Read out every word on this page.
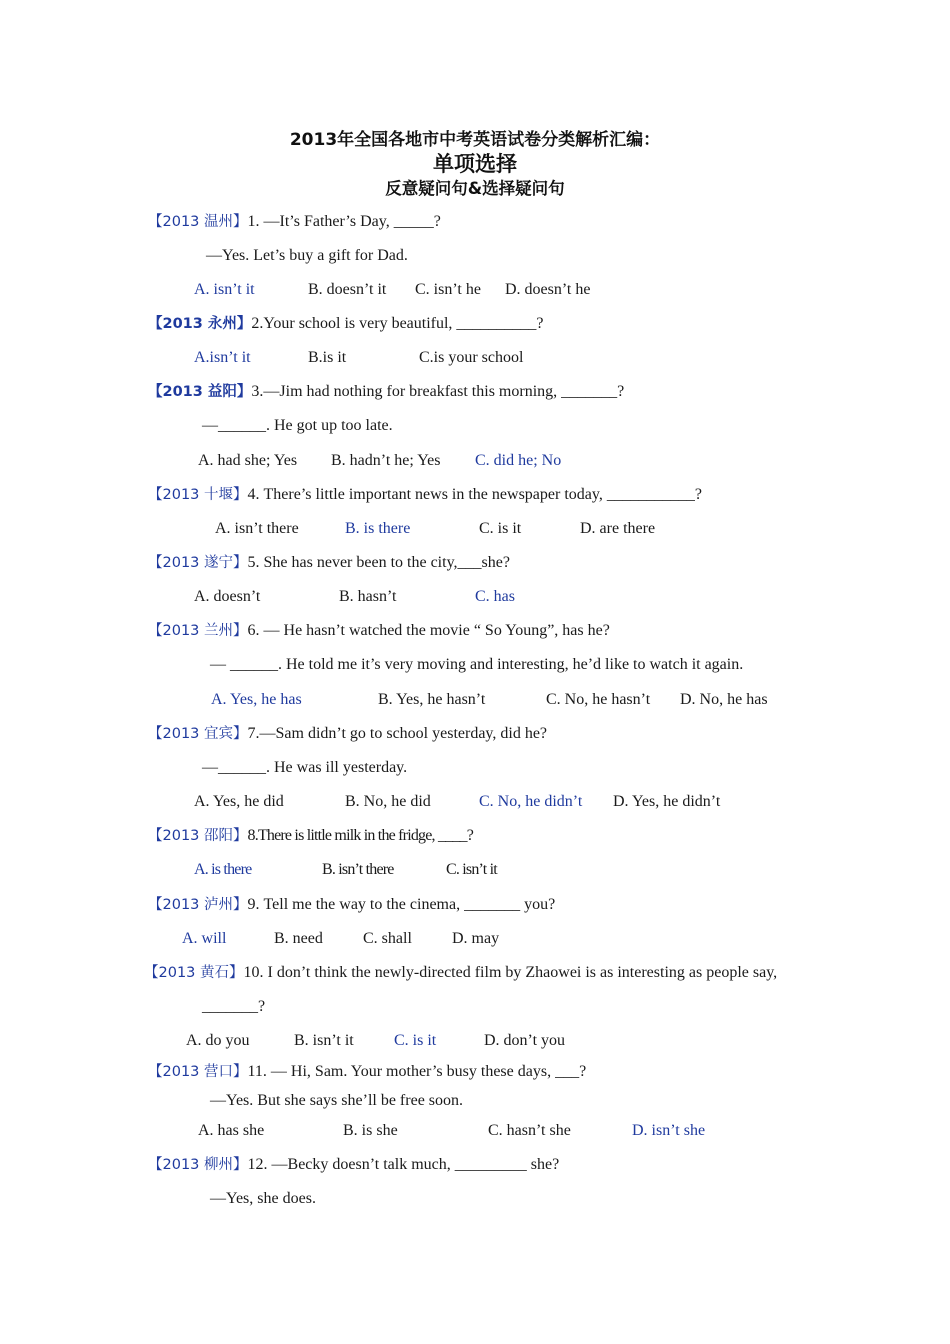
2013年全国各地市中考英语试卷分类解析汇编：
单项选择
反意疑问句&选择疑问句
【2013 温州】1. —It’s Father’s Day, _____?
—Yes. Let’s buy a gift for Dad.
A. isn’t it	B. doesn’t it C. isn’t he D. doesn’t he
【2013 永州】2.Your school is very beautiful, __________?
A.isn’t it	B.is it	C.is your school
【2013 益阳】3.—Jim had nothing for breakfast this morning, _______?
—______. He got up too late.
A. had she; Yes B. hadn’t he; Yes C. did he; No
【2013 十堰】4. There’s little important news in the newspaper today, ___________?
A. isn’t there	B. is there	C. is it	D. are there
【2013 遂宁】5. She has never been to the city,___she?
A. doesn’t	B. hasn’t	C. has
【2013 兰州】6. — He hasn’t watched the movie “ So Young”, has he?
— ______. He told me it’s very moving and interesting, he’d like to watch it again.
A. Yes, he has	B. Yes, he hasn’t	C. No, he hasn’t D. No, he has
【2013 宜宾】7.—Sam didn’t go to school yesterday, did he?
—______. He was ill yesterday.
A. Yes, he did	B. No, he did	C. No, he didn’t D. Yes, he didn’t
【2013 邵阳】8.There is little milk in the fridge, ____?
A. is there	B. isn’t there	C. isn’t it
【2013 泸州】9. Tell me the way to the cinema, _______ you?
A. will	B. need	C. shall	D. may
【2013 黄石】10. I don’t think the newly-directed film by Zhaowei is as interesting as people say,
_______?
A. do you	B. isn’t it	C. is it	D. don’t you
【2013 营口】11. — Hi, Sam. Your mother’s busy these days, ___?
—Yes. But she says she’ll be free soon.
A. has she	B. is she	C. hasn’t she	D. isn’t she
【2013 柳州】12. —Becky doesn’t talk much, _________ she?
—Yes, she does.
